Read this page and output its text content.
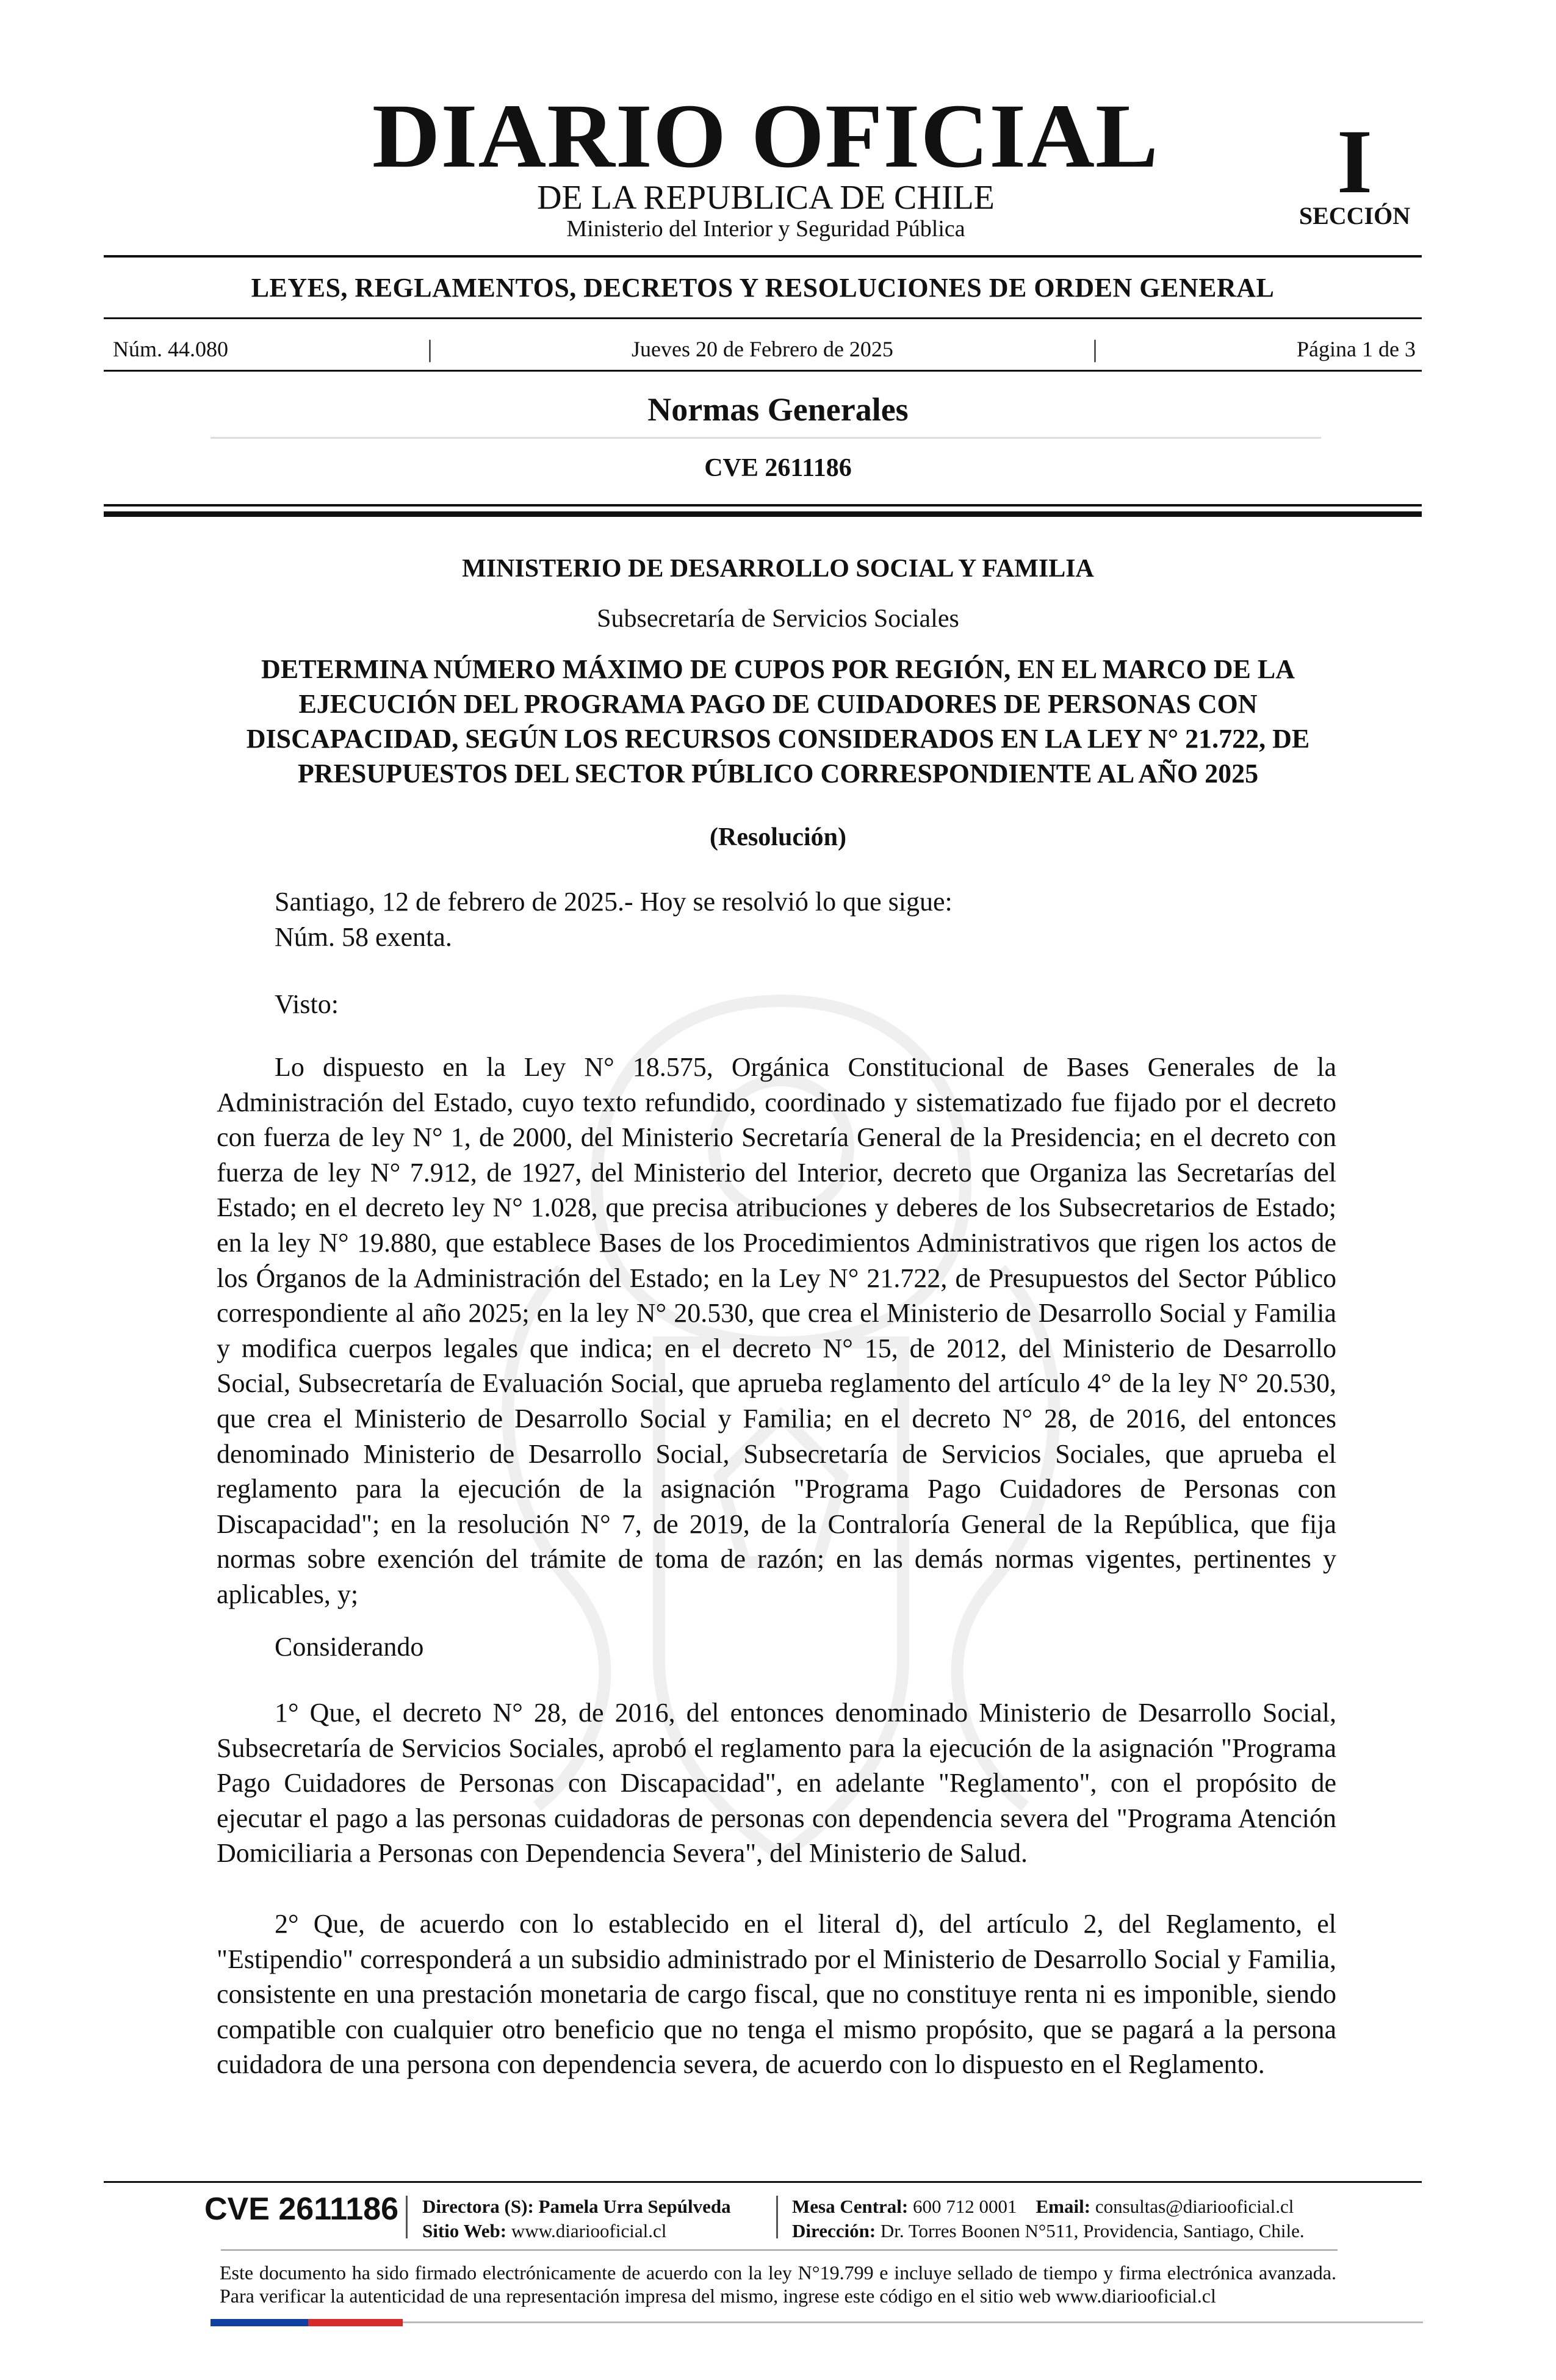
DIARIO OFICIAL
DE LA REPUBLICA DE CHILE
Ministerio del Interior y Seguridad Pública
I
SECCIÓN
LEYES, REGLAMENTOS, DECRETOS Y RESOLUCIONES DE ORDEN GENERAL
Núm. 44.080	|	Jueves 20 de Febrero de 2025	|	Página 1 de 3
Normas Generales
CVE 2611186
MINISTERIO DE DESARROLLO SOCIAL Y FAMILIA
Subsecretaría de Servicios Sociales
DETERMINA NÚMERO MÁXIMO DE CUPOS POR REGIÓN, EN EL MARCO DE LA EJECUCIÓN DEL PROGRAMA PAGO DE CUIDADORES DE PERSONAS CON DISCAPACIDAD, SEGÚN LOS RECURSOS CONSIDERADOS EN LA LEY N° 21.722, DE PRESUPUESTOS DEL SECTOR PÚBLICO CORRESPONDIENTE AL AÑO 2025
(Resolución)
Santiago, 12 de febrero de 2025.- Hoy se resolvió lo que sigue:
Núm. 58 exenta.
Visto:
Lo dispuesto en la Ley N° 18.575, Orgánica Constitucional de Bases Generales de la Administración del Estado, cuyo texto refundido, coordinado y sistematizado fue fijado por el decreto con fuerza de ley N° 1, de 2000, del Ministerio Secretaría General de la Presidencia; en el decreto con fuerza de ley N° 7.912, de 1927, del Ministerio del Interior, decreto que Organiza las Secretarías del Estado; en el decreto ley N° 1.028, que precisa atribuciones y deberes de los Subsecretarios de Estado; en la ley N° 19.880, que establece Bases de los Procedimientos Administrativos que rigen los actos de los Órganos de la Administración del Estado; en la Ley N° 21.722, de Presupuestos del Sector Público correspondiente al año 2025; en la ley N° 20.530, que crea el Ministerio de Desarrollo Social y Familia y modifica cuerpos legales que indica; en el decreto N° 15, de 2012, del Ministerio de Desarrollo Social, Subsecretaría de Evaluación Social, que aprueba reglamento del artículo 4° de la ley N° 20.530, que crea el Ministerio de Desarrollo Social y Familia; en el decreto N° 28, de 2016, del entonces denominado Ministerio de Desarrollo Social, Subsecretaría de Servicios Sociales, que aprueba el reglamento para la ejecución de la asignación "Programa Pago Cuidadores de Personas con Discapacidad"; en la resolución N° 7, de 2019, de la Contraloría General de la República, que fija normas sobre exención del trámite de toma de razón; en las demás normas vigentes, pertinentes y aplicables, y;
Considerando
1° Que, el decreto N° 28, de 2016, del entonces denominado Ministerio de Desarrollo Social, Subsecretaría de Servicios Sociales, aprobó el reglamento para la ejecución de la asignación "Programa Pago Cuidadores de Personas con Discapacidad", en adelante "Reglamento", con el propósito de ejecutar el pago a las personas cuidadoras de personas con dependencia severa del "Programa Atención Domiciliaria a Personas con Dependencia Severa", del Ministerio de Salud.
2° Que, de acuerdo con lo establecido en el literal d), del artículo 2, del Reglamento, el "Estipendio" corresponderá a un subsidio administrado por el Ministerio de Desarrollo Social y Familia, consistente en una prestación monetaria de cargo fiscal, que no constituye renta ni es imponible, siendo compatible con cualquier otro beneficio que no tenga el mismo propósito, que se pagará a la persona cuidadora de una persona con dependencia severa, de acuerdo con lo dispuesto en el Reglamento.
CVE 2611186 Directora (S): Pamela Urra Sepúlveda
Sitio Web: www.diariooficial.cl
Mesa Central: 600 712 0001 Email: consultas@diariooficial.cl
Dirección: Dr. Torres Boonen N°511, Providencia, Santiago, Chile.
Este documento ha sido firmado electrónicamente de acuerdo con la ley N°19.799 e incluye sellado de tiempo y firma electrónica avanzada. Para verificar la autenticidad de una representación impresa del mismo, ingrese este código en el sitio web www.diariooficial.cl
